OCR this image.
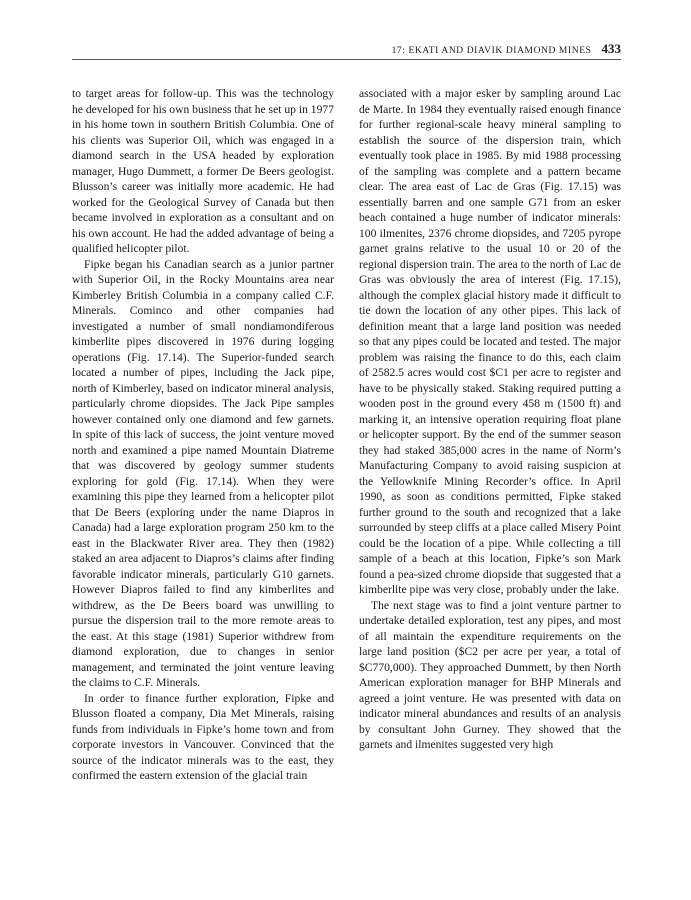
17: EKATI AND DIAVIK DIAMOND MINES 433

to target areas for follow-up. This was the technology he developed for his own business that he set up in 1977 in his home town in southern British Columbia. One of his clients was Superior Oil, which was engaged in a diamond search in the USA headed by exploration manager, Hugo Dummett, a former De Beers geologist. Blusson’s career was initially more academic. He had worked for the Geological Survey of Canada but then became involved in exploration as a consultant and on his own account. He had the added advantage of being a qualified helicopter pilot.

Fipke began his Canadian search as a junior partner with Superior Oil, in the Rocky Mountains area near Kimberley British Columbia in a company called C.F. Minerals. Cominco and other companies had investigated a number of small nondiamondiferous kimberlite pipes discovered in 1976 during logging operations (Fig. 17.14). The Superior-funded search located a number of pipes, including the Jack pipe, north of Kimberley, based on indicator mineral analysis, particularly chrome diopsides. The Jack Pipe samples however contained only one diamond and few garnets. In spite of this lack of success, the joint venture moved north and examined a pipe named Mountain Diatreme that was discovered by geology summer students exploring for gold (Fig. 17.14). When they were examining this pipe they learned from a helicopter pilot that De Beers (exploring under the name Diapros in Canada) had a large exploration program 250 km to the east in the Blackwater River area. They then (1982) staked an area adjacent to Diapros’s claims after finding favorable indicator minerals, particularly G10 garnets. However Diapros failed to find any kimberlites and withdrew, as the De Beers board was unwilling to pursue the dispersion trail to the more remote areas to the east. At this stage (1981) Superior withdrew from diamond exploration, due to changes in senior management, and terminated the joint venture leaving the claims to C.F. Minerals.

In order to finance further exploration, Fipke and Blusson floated a company, Dia Met Minerals, raising funds from individuals in Fipke’s home town and from corporate investors in Vancouver. Convinced that the source of the indicator minerals was to the east, they confirmed the eastern extension of the glacial train

associated with a major esker by sampling around Lac de Marte. In 1984 they eventually raised enough finance for further regional-scale heavy mineral sampling to establish the source of the dispersion train, which eventually took place in 1985. By mid 1988 processing of the sampling was complete and a pattern became clear. The area east of Lac de Gras (Fig. 17.15) was essentially barren and one sample G71 from an esker beach contained a huge number of indicator minerals: 100 ilmenites, 2376 chrome diopsides, and 7205 pyrope garnet grains relative to the usual 10 or 20 of the regional dispersion train. The area to the north of Lac de Gras was obviously the area of interest (Fig. 17.15), although the complex glacial history made it difficult to tie down the location of any other pipes. This lack of definition meant that a large land position was needed so that any pipes could be located and tested. The major problem was raising the finance to do this, each claim of 2582.5 acres would cost $C1 per acre to register and have to be physically staked. Staking required putting a wooden post in the ground every 458 m (1500 ft) and marking it, an intensive operation requiring float plane or helicopter support. By the end of the summer season they had staked 385,000 acres in the name of Norm’s Manufacturing Company to avoid raising suspicion at the Yellowknife Mining Recorder’s office. In April 1990, as soon as conditions permitted, Fipke staked further ground to the south and recognized that a lake surrounded by steep cliffs at a place called Misery Point could be the location of a pipe. While collecting a till sample of a beach at this location, Fipke’s son Mark found a pea-sized chrome diopside that suggested that a kimberlite pipe was very close, probably under the lake.

The next stage was to find a joint venture partner to undertake detailed exploration, test any pipes, and most of all maintain the expenditure requirements on the large land position ($C2 per acre per year, a total of $C770,000). They approached Dummett, by then North American exploration manager for BHP Minerals and agreed a joint venture. He was presented with data on indicator mineral abundances and results of an analysis by consultant John Gurney. They showed that the garnets and ilmenites suggested very high
